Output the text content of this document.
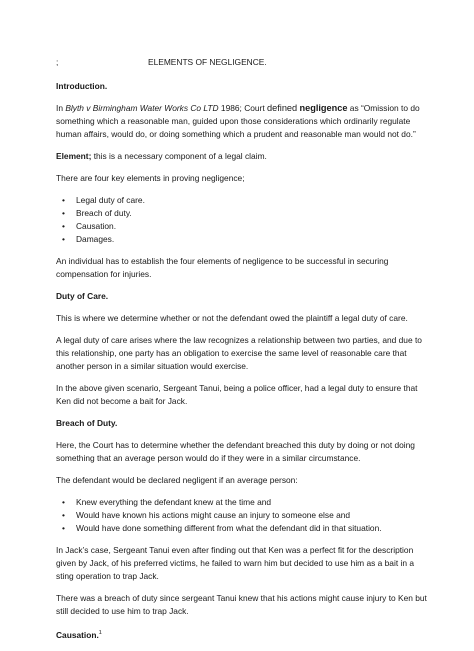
;	ELEMENTS OF NEGLIGENCE.

Introduction.

In Blyth v Birmingham Water Works Co LTD 1986; Court defined negligence as “Omission to do something which a reasonable man, guided upon those considerations which ordinarily regulate human affairs, would do, or doing something which a prudent and reasonable man would not do.”

Element; this is a necessary component of a legal claim.

There are four key elements in proving negligence;

• Legal duty of care.
• Breach of duty.
• Causation.
• Damages.

An individual has to establish the four elements of negligence to be successful in securing compensation for injuries.

Duty of Care.

This is where we determine whether or not the defendant owed the plaintiff a legal duty of care.

A legal duty of care arises where the law recognizes a relationship between two parties, and due to this relationship, one party has an obligation to exercise the same level of reasonable care that another person in a similar situation would exercise.

In the above given scenario, Sergeant Tanui, being a police officer, had a legal duty to ensure that Ken did not become a bait for Jack.

Breach of Duty.

Here, the Court has to determine whether the defendant breached this duty by doing or not doing something that an average person would do if they were in a similar circumstance.

The defendant would be declared negligent if an average person:

• Knew everything the defendant knew at the time and
• Would have known his actions might cause an injury to someone else and
• Would have done something different from what the defendant did in that situation.

In Jack’s case, Sergeant Tanui even after finding out that Ken was a perfect fit for the description given by Jack, of his preferred victims, he failed to warn him but decided to use him as a bait in a sting operation to trap Jack.

There was a breach of duty since sergeant Tanui knew that his actions might cause injury to Ken but still decided to use him to trap Jack.

Causation.$^1$
